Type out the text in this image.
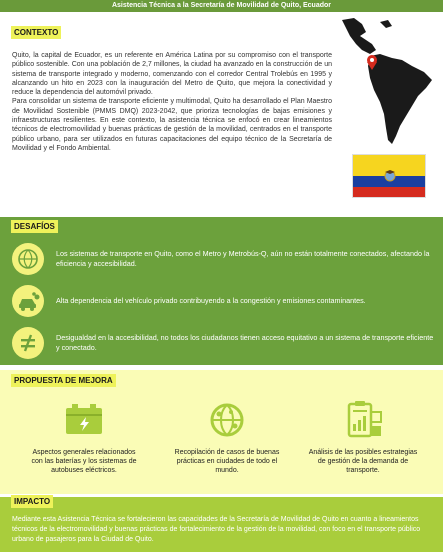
Asistencia Técnica a la Secretaría de Movilidad de Quito, Ecuador
CONTEXTO

Quito, la capital de Ecuador, es un referente en América Latina por su compromiso con el transporte público sostenible. Con una población de 2,7 millones, la ciudad ha avanzado en la construcción de un sistema de transporte integrado y moderno, comenzando con el corredor Central Trolebús en 1995 y alcanzando un hito en 2023 con la inauguración del Metro de Quito, que mejora la conectividad y reduce la dependencia del automóvil privado.

Para consolidar un sistema de transporte eficiente y multimodal, Quito ha desarrollado el Plan Maestro de Movilidad Sostenible (PMMS DMQ) 2023-2042, que prioriza tecnologías de bajas emisiones y infraestructuras resilientes. En este contexto, la asistencia técnica se enfocó en crear lineamientos técnicos de electromovilidad y buenas prácticas de gestión de la movilidad, centrados en el transporte público urbano, para ser utilizados en futuras capacitaciones del equipo técnico de la Secretaría de Movilidad y el Fondo Ambiental.

DESAFÍOS
Los sistemas de transporte en Quito, como el Metro y Metrobús-Q, aún no están totalmente conectados, afectando la eficiencia y accesibilidad.
Alta dependencia del vehículo privado contribuyendo a la congestión y emisiones contaminantes.
Desigualdad en la accesibilidad, no todos los ciudadanos tienen acceso equitativo a un sistema de transporte eficiente y conectado.
PROPUESTA DE MEJORA
Aspectos generales relacionados con las baterías y los sistemas de autobuses eléctricos.
Recopilación de casos de buenas prácticas en ciudades de todo el mundo.
Análisis de las posibles estrategias de gestión de la demanda de transporte.
IMPACTO
Mediante esta Asistencia Técnica se fortalecieron las capacidades de la Secretaría de Movilidad de Quito en cuanto a lineamientos técnicos de la electromovilidad y buenas prácticas de fortalecimiento de la gestión de la movilidad, con foco en el transporte público urbano de pasajeros para la Ciudad de Quito.
